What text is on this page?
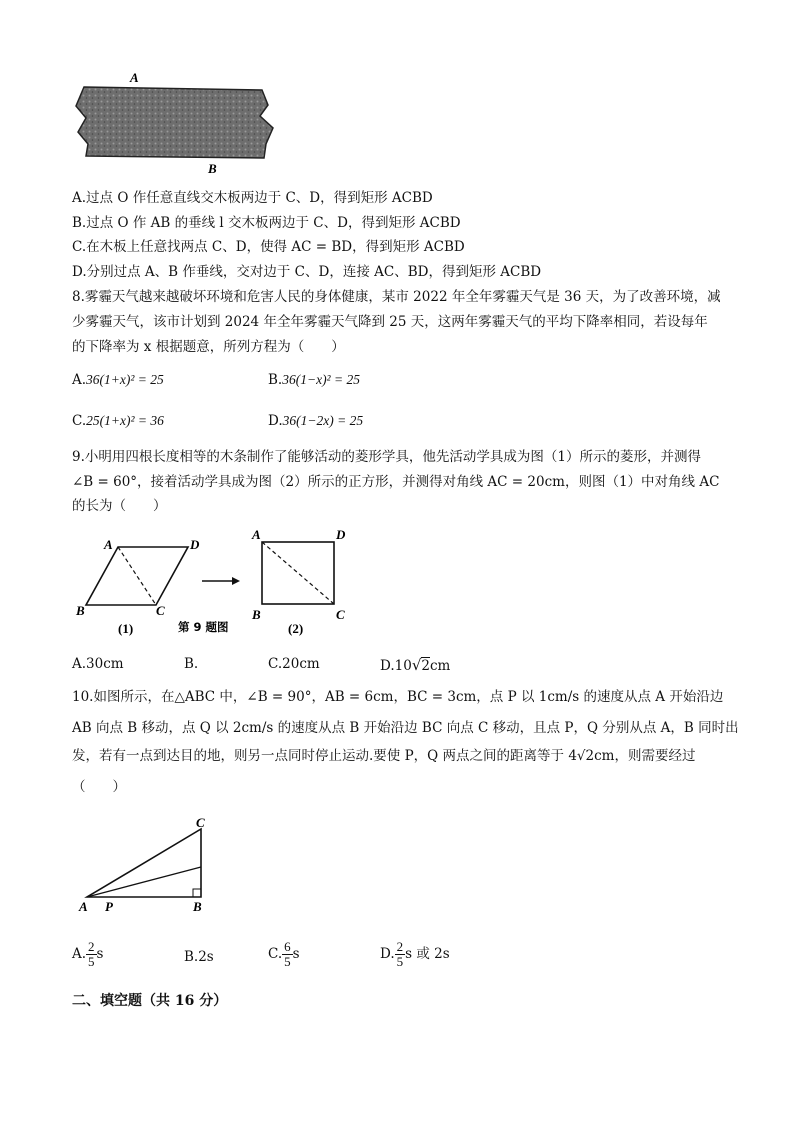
A
B
A.过点 O 作任意直线交木板两边于 C、D，得到矩形 ACBD
B.过点 O 作 AB 的垂线 l 交木板两边于 C、D，得到矩形 ACBD
C.在木板上任意找两点 C、D，使得 AC = BD，得到矩形 ACBD
D.分别过点 A、B 作垂线，交对边于 C、D，连接 AC、BD，得到矩形 ACBD
8.雾霾天气越来越破坏环境和危害人民的身体健康，某市 2022 年全年雾霾天气是 36 天，为了改善环境，减
少雾霾天气，该市计划到 2024 年全年雾霾天气降到 25 天，这两年雾霾天气的平均下降率相同，若设每年
的下降率为 x 根据题意，所列方程为（　　）
A.36(1+x)² = 25	B.36(1−x)² = 25
C.25(1+x)² = 36	D.36(1−2x) = 25
9.小明用四根长度相等的木条制作了能够活动的菱形学具，他先活动学具成为图（1）所示的菱形，并测得
∠B = 60°，接着活动学具成为图（2）所示的正方形，并测得对角线 AC = 20cm，则图（1）中对角线 AC
的长为（　　）
A	D
B	C
A	D
B	C
(1)	第 9 题图	(2)
A.30cm	B.	C.20cm	D.10√2cm
10.如图所示，在△ABC 中，∠B = 90°，AB = 6cm，BC = 3cm，点 P 以 1cm/s 的速度从点 A 开始沿边
AB 向点 B 移动，点 Q 以 2cm/s 的速度从点 B 开始沿边 BC 向点 C 移动，且点 P，Q 分别从点 A，B 同时出
发，若有一点到达目的地，则另一点同时停止运动.要使 P，Q 两点之间的距离等于 4√2cm，则需要经过
（　　）
A P	B
C
A. $\frac{2}{5}$ s	B.2s	C. $\frac{6}{5}$ s	D. $\frac{2}{5}$ s 或 2s
二、填空题（共 16 分）
